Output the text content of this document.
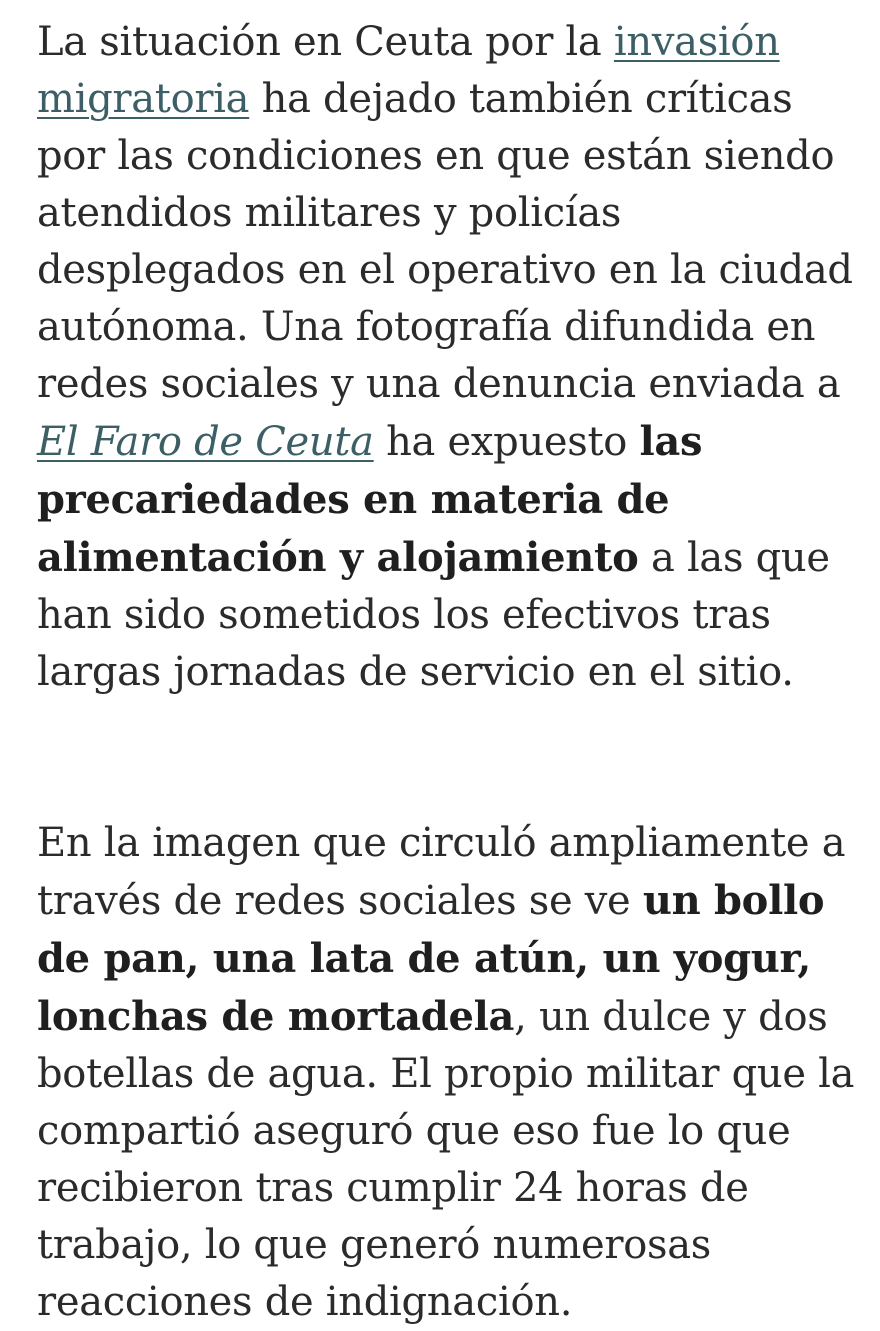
La situación en Ceuta por la invasión migratoria ha dejado también críticas por las condiciones en que están siendo atendidos militares y policías desplegados en el operativo en la ciudad autónoma. Una fotografía difundida en redes sociales y una denuncia enviada a El Faro de Ceuta ha expuesto las precariedades en materia de alimentación y alojamiento a las que han sido sometidos los efectivos tras largas jornadas de servicio en el sitio.

En la imagen que circuló ampliamente a través de redes sociales se ve un bollo de pan, una lata de atún, un yogur, lonchas de mortadela, un dulce y dos botellas de agua. El propio militar que la compartió aseguró que eso fue lo que recibieron tras cumplir 24 horas de trabajo, lo que generó numerosas reacciones de indignación.
